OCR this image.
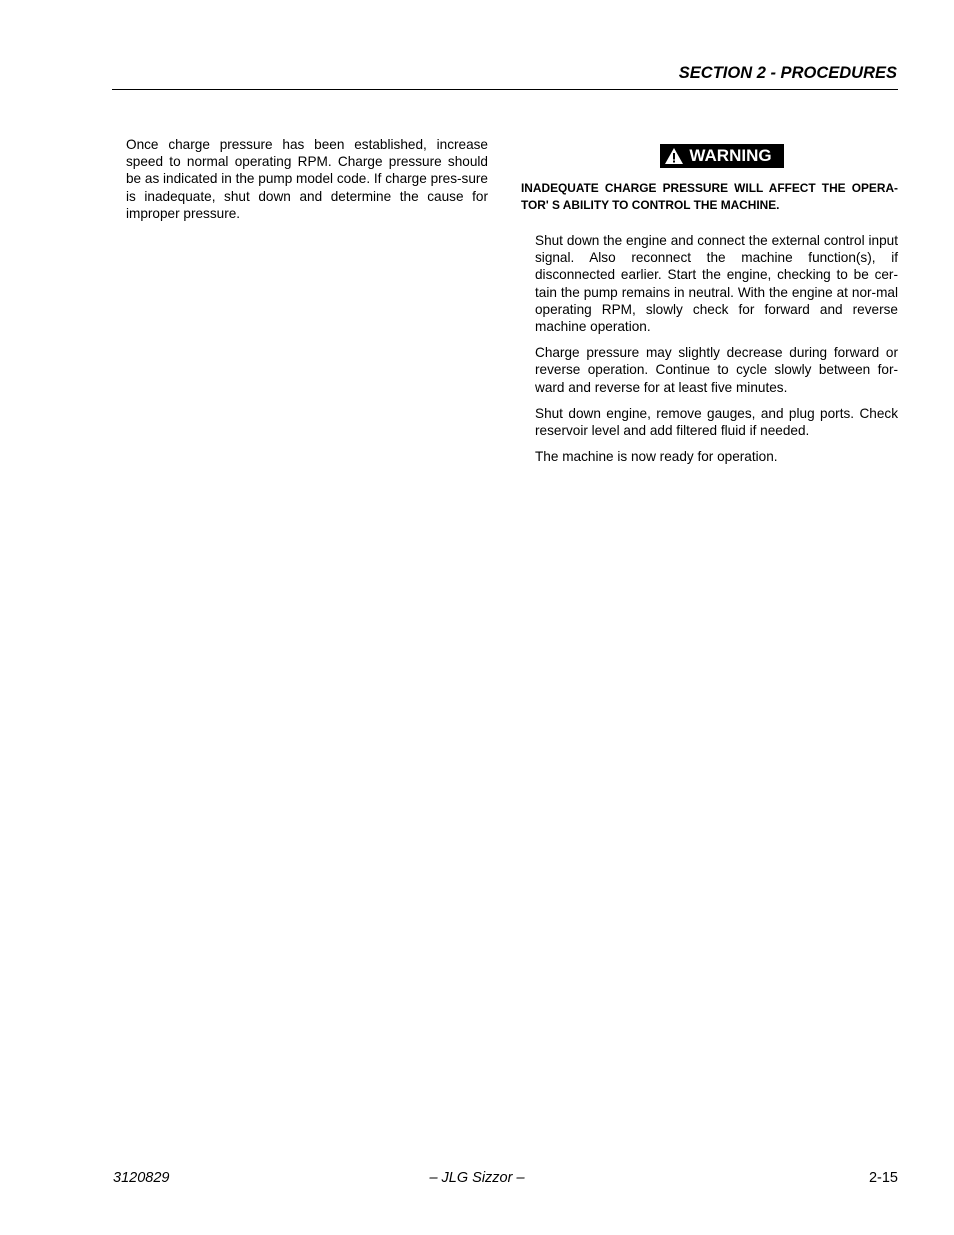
SECTION 2 - PROCEDURES
Once charge pressure has been established, increase speed to normal operating RPM. Charge pressure should be as indicated in the pump model code. If charge pres-sure is inadequate, shut down and determine the cause for improper pressure.
WARNING
INADEQUATE CHARGE PRESSURE WILL AFFECT THE OPERA-TOR' S ABILITY TO CONTROL THE MACHINE.
Shut down the engine and connect the external control input signal. Also reconnect the machine function(s), if disconnected earlier. Start the engine, checking to be cer-tain the pump remains in neutral. With the engine at nor-mal operating RPM, slowly check for forward and reverse machine operation.
Charge pressure may slightly decrease during forward or reverse operation. Continue to cycle slowly between for-ward and reverse for at least five minutes.
Shut down engine, remove gauges, and plug ports. Check reservoir level and add filtered fluid if needed.
The machine is now ready for operation.
– JLG Sizzor –
3120829	2-15
